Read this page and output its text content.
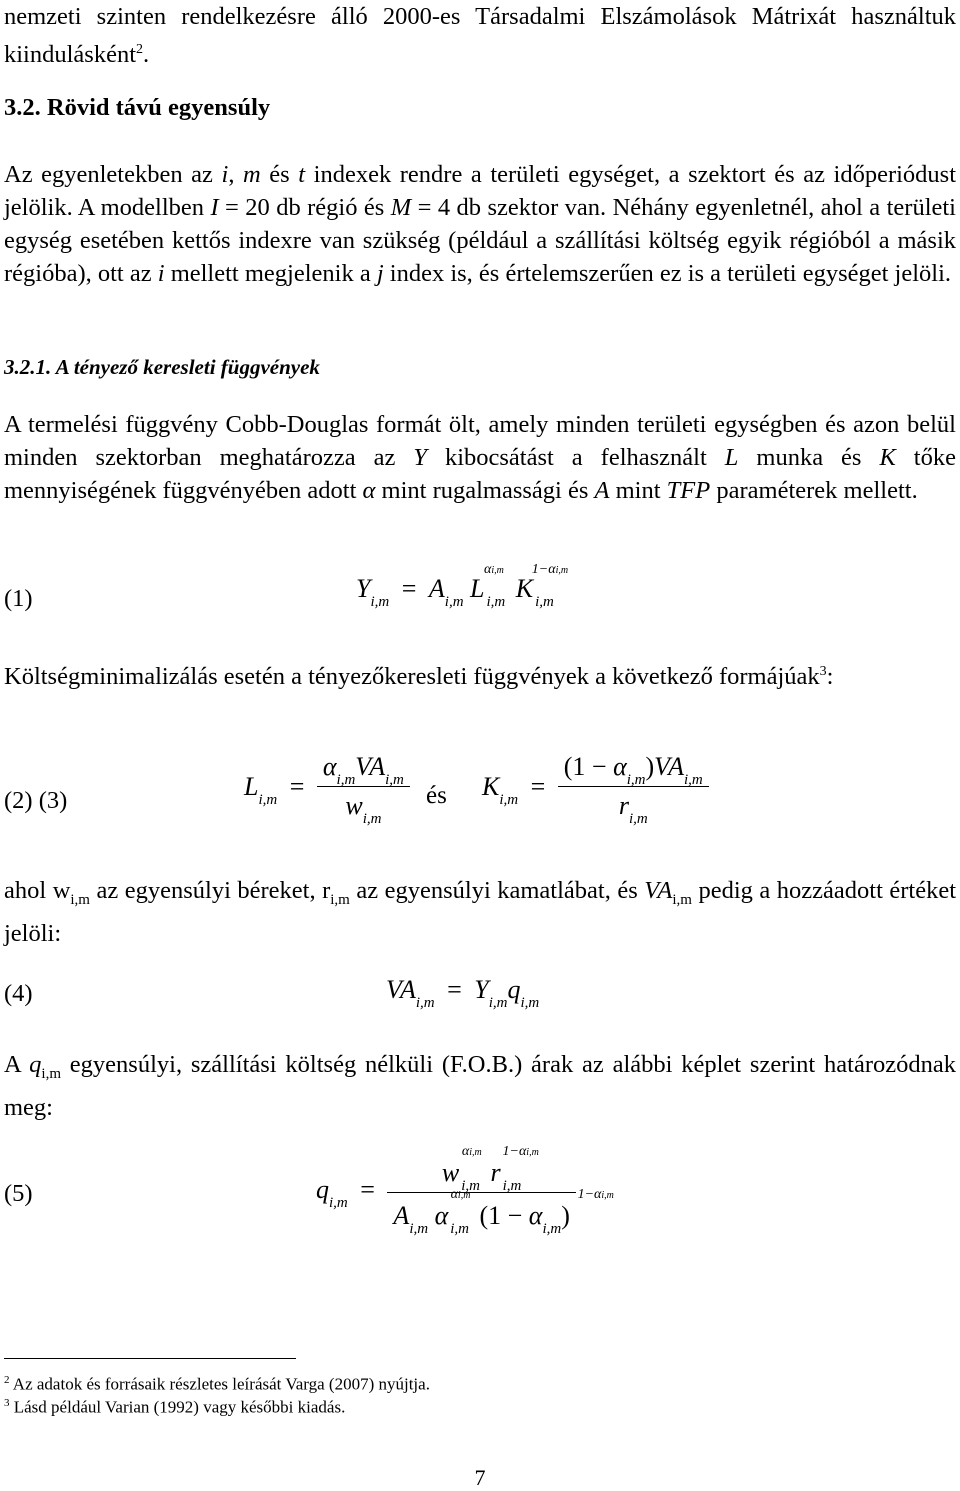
nemzeti szinten rendelkezésre álló 2000-es Társadalmi Elszámolások Mátrixát használtuk kiindulásként$^2$.
3.2. Rövid távú egyensúly
Az egyenletekben az i, m és t indexek rendre a területi egységet, a szektort és az időperiódust jelölik. A modellben I = 20 db régió és M = 4 db szektor van. Néhány egyenletnél, ahol a területi egység esetében kettős indexre van szükség (például a szállítási költség egyik régióból a másik régióba), ott az i mellett megjelenik a j index is, és értelemszerűen ez is a területi egységet jelöli.
3.2.1. A tényező keresleti függvények
A termelési függvény Cobb-Douglas formát ölt, amely minden területi egységben és azon belül minden szektorban meghatározza az Y kibocsátást a felhasznált L munka és K tőke mennyiségének függvényében adott α mint rugalmassági és A mint TFP paraméterek mellett.
(1)	$Y_{i,m} = A_{i,m}$ L
αi,m
$_{i,m}$ K
1−αi,m
$_{i,m}$
Költségminimalizálás esetén a tényezőkeresleti függvények a következő formájúak$^3$:
(2) (3)	$L_{i,m} = \frac{\alpha_{i,m}VA_{i,m}}{w_{i,m}}$ és $K_{i,m} = \frac{(1 - \alpha_{i,m})VA_{i,m}}{r_{i,m}}$
ahol $w_{i,m}$ az egyensúlyi béreket, $r_{i,m}$ az egyensúlyi kamatlábat, és $VA_{i,m}$ pedig a hozzáadott értéket jelöli:
(4)	$VA_{i,m} = Y_{i,m}q_{i,m}$
A $q_{i,m}$ egyensúlyi, szállítási költség nélküli (F.O.B.) árak az alábbi képlet szerint határozódnak meg:
(5)	$q_{i,m} = w$
αi,m
$_{i,m}$ r
1−αi,m
$_{i,m}$
$A_{i,m}$ α
αi,m
$_{i,m}$ $(1 - \alpha_{i,m})$
1−αi,m
$^2$ Az adatok és forrásaik részletes leírását Varga (2007) nyújtja.
$^3$ Lásd például Varian (1992) vagy későbbi kiadás.
7
